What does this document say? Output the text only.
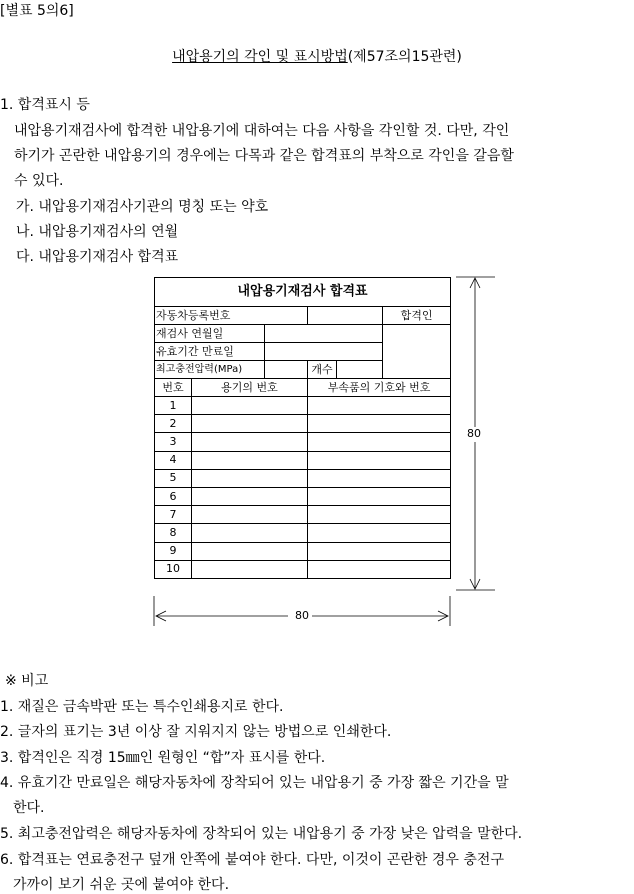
[별표 5의6]
내압용기의 각인 및 표시방법(제57조의15관련)
1. 합격표시 등
내압용기재검사에 합격한 내압용기에 대하여는 다음 사항을 각인할 것. 다만, 각인
하기가 곤란한 내압용기의 경우에는 다목과 같은 합격표의 부착으로 각인을 갈음할
수 있다.
가. 내압용기재검사기관의 명칭 또는 약호
나. 내압용기재검사의 연월
다. 내압용기재검사 합격표
내압용기재검사 합격표					
자동차등록번호					합격인
재검사 연월일					
유효기간 만료일					
최고충전압력(MPa)			개수		
번호	용기의 번호		부속품의 기호와 번호		
1					
2					
3					
4					
5					
6					
7					
8					
9					
10					
80
80
※ 비고
1. 재질은 금속박판 또는 특수인쇄용지로 한다.
2. 글자의 표기는 3년 이상 잘 지워지지 않는 방법으로 인쇄한다.
3. 합격인은 직경 15㎜인 원형인 “합”자 표시를 한다.
4. 유효기간 만료일은 해당자동차에 장착되어 있는 내압용기 중 가장 짧은 기간을 말
한다.
5. 최고충전압력은 해당자동차에 장착되어 있는 내압용기 중 가장 낮은 압력을 말한다.
6. 합격표는 연료충전구 덮개 안쪽에 붙여야 한다. 다만, 이것이 곤란한 경우 충전구
가까이 보기 쉬운 곳에 붙여야 한다.
